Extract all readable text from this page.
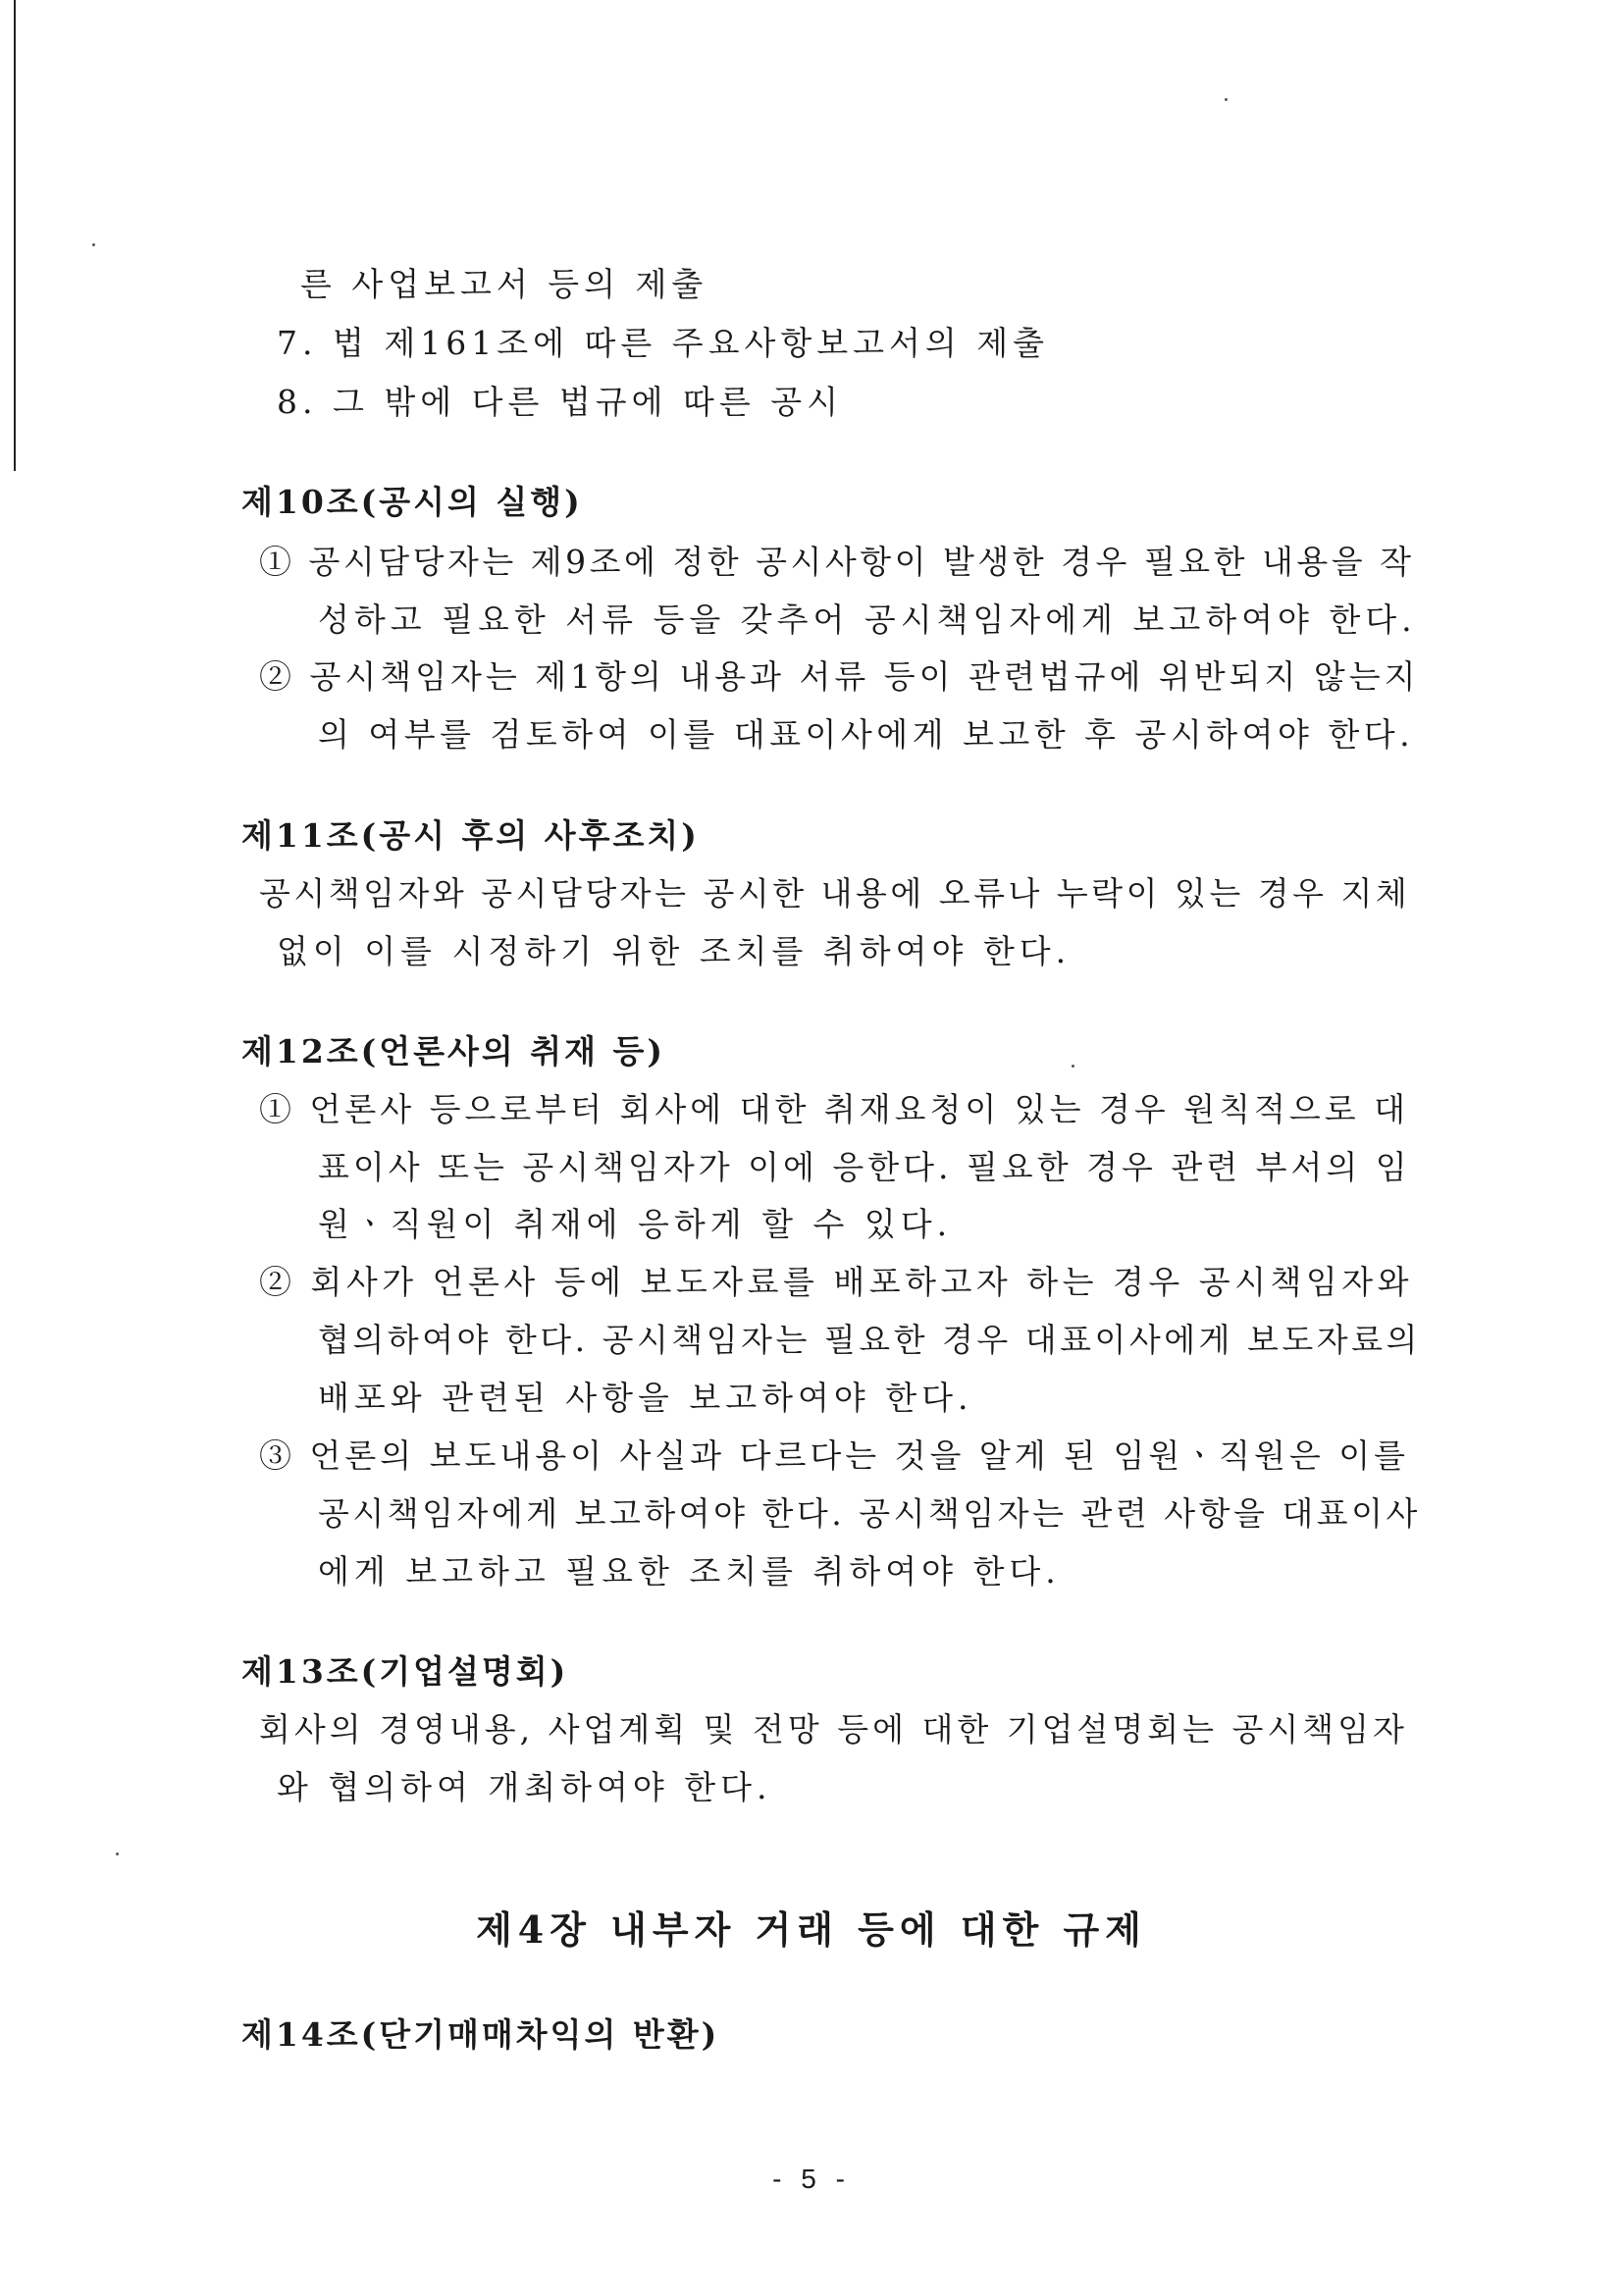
른 사업보고서 등의 제출
7. 법 제161조에 따른 주요사항보고서의 제출
8. 그 밖에 다른 법규에 따른 공시
제10조(공시의 실행)
① 공시담당자는 제9조에 정한 공시사항이 발생한 경우 필요한 내용을 작
성하고 필요한 서류 등을 갖추어 공시책임자에게 보고하여야 한다.
② 공시책임자는 제1항의 내용과 서류 등이 관련법규에 위반되지 않는지
의 여부를 검토하여 이를 대표이사에게 보고한 후 공시하여야 한다.
제11조(공시 후의 사후조치)
공시책임자와 공시담당자는 공시한 내용에 오류나 누락이 있는 경우 지체
없이 이를 시정하기 위한 조치를 취하여야 한다.
제12조(언론사의 취재 등)
① 언론사 등으로부터 회사에 대한 취재요청이 있는 경우 원칙적으로 대
표이사 또는 공시책임자가 이에 응한다. 필요한 경우 관련 부서의 임
원ㆍ직원이 취재에 응하게 할 수 있다.
② 회사가 언론사 등에 보도자료를 배포하고자 하는 경우 공시책임자와
협의하여야 한다. 공시책임자는 필요한 경우 대표이사에게 보도자료의
배포와 관련된 사항을 보고하여야 한다.
③ 언론의 보도내용이 사실과 다르다는 것을 알게 된 임원ㆍ직원은 이를
공시책임자에게 보고하여야 한다. 공시책임자는 관련 사항을 대표이사
에게 보고하고 필요한 조치를 취하여야 한다.
제13조(기업설명회)
회사의 경영내용, 사업계획 및 전망 등에 대한 기업설명회는 공시책임자
와 협의하여 개최하여야 한다.
제4장 내부자 거래 등에 대한 규제
제14조(단기매매차익의 반환)
- 5 -
